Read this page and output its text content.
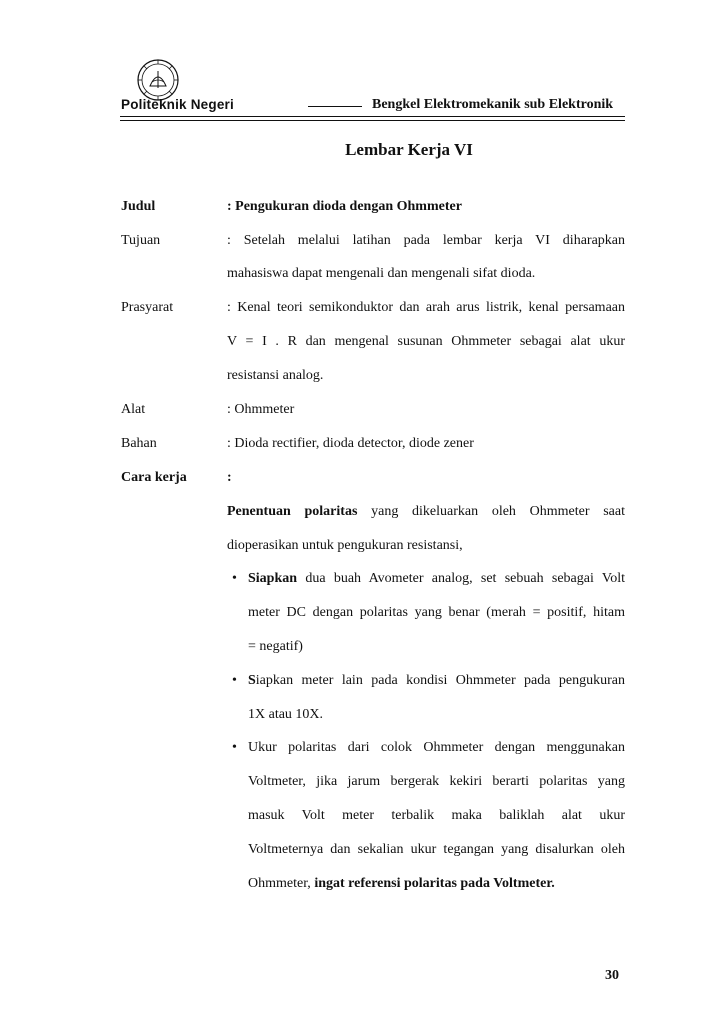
Politeknik Negeri	Bengkel Elektromekanik sub Elektronik
Lembar Kerja VI
Judul	: Pengukuran dioda dengan Ohmmeter
Tujuan	: Setelah melalui latihan pada lembar kerja VI diharapkan
mahasiswa dapat mengenali dan mengenali sifat dioda.
Prasyarat	: Kenal teori semikonduktor dan arah arus listrik, kenal persamaan
V = I . R dan mengenal susunan Ohmmeter sebagai alat ukur
resistansi analog.
Alat	: Ohmmeter
Bahan	: Dioda rectifier, dioda detector, diode zener
Cara kerja	:
Penentuan polaritas yang dikeluarkan oleh Ohmmeter saat
dioperasikan untuk pengukuran resistansi,
• Siapkan dua buah Avometer analog, set sebuah sebagai Volt
meter DC dengan polaritas yang benar (merah = positif, hitam
= negatif)
• Siapkan meter lain pada kondisi Ohmmeter pada pengukuran
1X atau 10X.
• Ukur polaritas dari colok Ohmmeter dengan menggunakan
Voltmeter, jika jarum bergerak kekiri berarti polaritas yang
masuk Volt meter terbalik maka baliklah alat ukur
Voltmeternya dan sekalian ukur tegangan yang disalurkan oleh
Ohmmeter, ingat referensi polaritas pada Voltmeter.
30
